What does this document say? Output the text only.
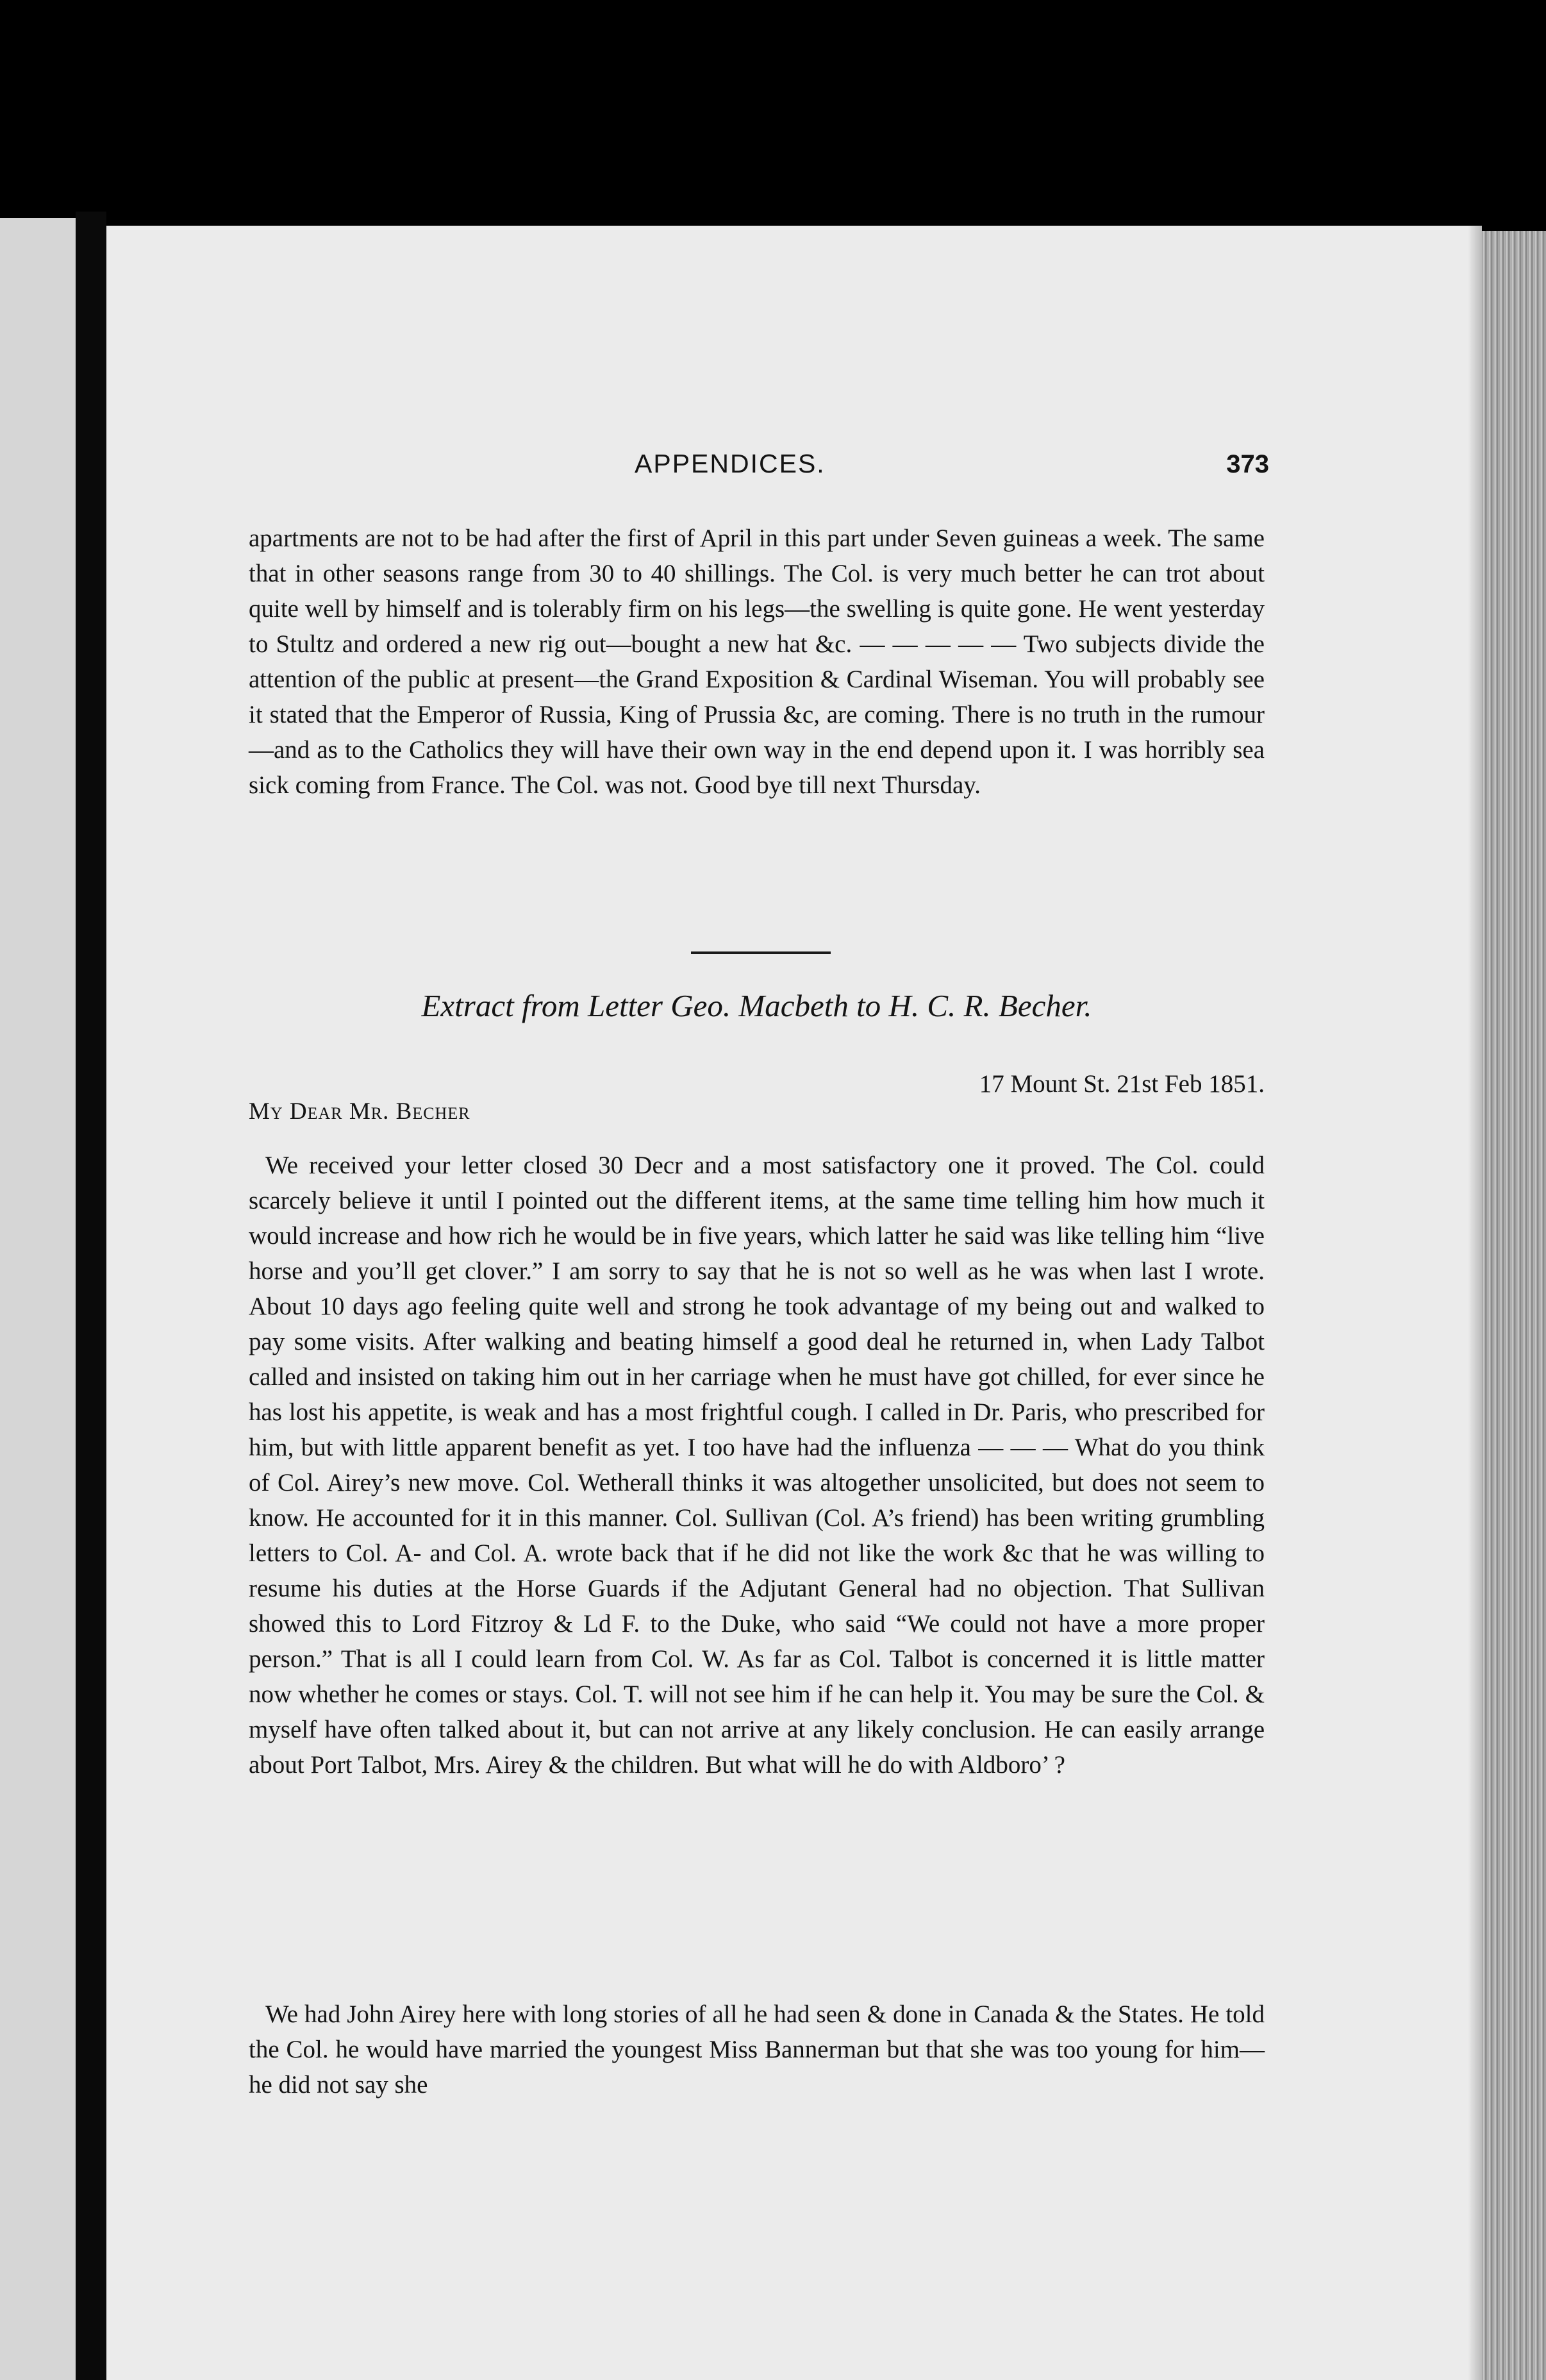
APPENDICES.	373

apartments are not to be had after the first of April in this part under Seven guineas a week. The same that in other seasons range from 30 to 40 shillings. The Col. is very much better he can trot about quite well by himself and is tolerably firm on his legs—the swelling is quite gone. He went yesterday to Stultz and ordered a new rig out—bought a new hat &c. — — — — — Two subjects divide the attention of the public at present—the Grand Exposition & Cardinal Wiseman. You will probably see it stated that the Emperor of Russia, King of Prussia &c, are coming. There is no truth in the rumour—and as to the Catholics they will have their own way in the end depend upon it. I was horribly sea sick coming from France. The Col. was not. Good bye till next Thursday.

Extract from Letter Geo. Macbeth to H. C. R. Becher.
17 Mount St. 21st Feb 1851.
My Dear Mr. Becher

We received your letter closed 30 Decr and a most satisfactory one it proved. The Col. could scarcely believe it until I pointed out the different items, at the same time telling him how much it would increase and how rich he would be in five years, which latter he said was like telling him “live horse and you’ll get clover.” I am sorry to say that he is not so well as he was when last I wrote. About 10 days ago feeling quite well and strong he took advantage of my being out and walked to pay some visits. After walking and beating himself a good deal he returned in, when Lady Talbot called and insisted on taking him out in her carriage when he must have got chilled, for ever since he has lost his appetite, is weak and has a most frightful cough. I called in Dr. Paris, who prescribed for him, but with little apparent benefit as yet. I too have had the influenza — — — What do you think of Col. Airey’s new move. Col. Wetherall thinks it was altogether unsolicited, but does not seem to know. He accounted for it in this manner. Col. Sullivan (Col. A’s friend) has been writing grumbling letters to Col. A- and Col. A. wrote back that if he did not like the work &c that he was willing to resume his duties at the Horse Guards if the Adjutant General had no objection. That Sullivan showed this to Lord Fitzroy & Ld F. to the Duke, who said “We could not have a more proper person.” That is all I could learn from Col. W. As far as Col. Talbot is concerned it is little matter now whether he comes or stays. Col. T. will not see him if he can help it. You may be sure the Col. & myself have often talked about it, but can not arrive at any likely conclusion. He can easily arrange about Port Talbot, Mrs. Airey & the children. But what will he do with Aldboro’ ?

We had John Airey here with long stories of all he had seen & done in Canada & the States. He told the Col. he would have married the youngest Miss Bannerman but that she was too young for him—he did not say she
